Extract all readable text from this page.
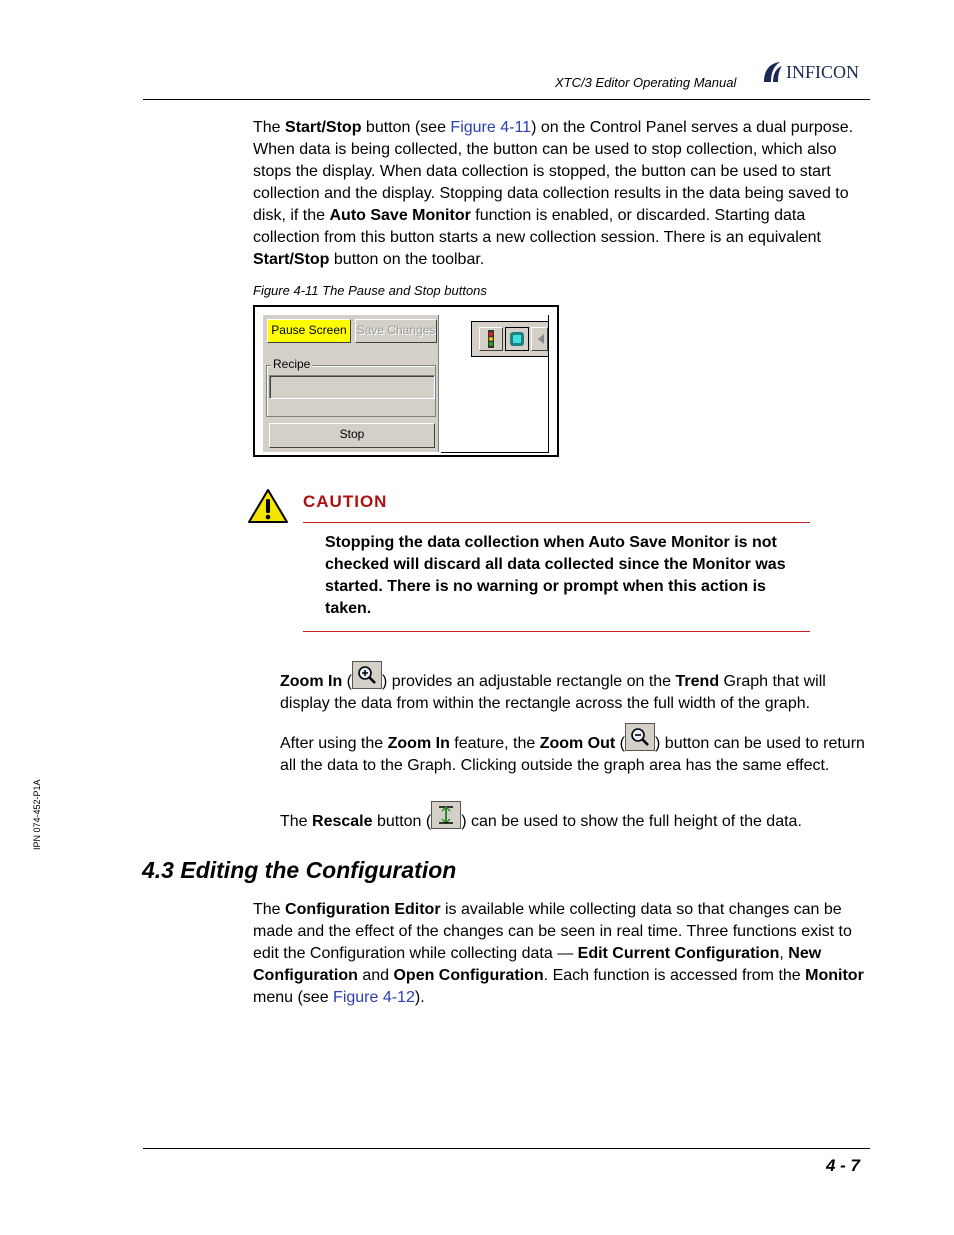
XTC/3 Editor Operating Manual
INFICON
The Start/Stop button (see Figure 4-11) on the Control Panel serves a dual purpose. When data is being collected, the button can be used to stop collection, which also stops the display. When data collection is stopped, the button can be used to start collection and the display. Stopping data collection results in the data being saved to disk, if the Auto Save Monitor function is enabled, or discarded. Starting data collection from this button starts a new collection session. There is an equivalent Start/Stop button on the toolbar.
Figure 4-11 The Pause and Stop buttons
Pause Screen Save Changes
Recipe
Stop
CAUTION
Stopping the data collection when Auto Save Monitor is not checked will discard all data collected since the Monitor was started. There is no warning or prompt when this action is taken.
Zoom In ( ) provides an adjustable rectangle on the Trend Graph that will display the data from within the rectangle across the full width of the graph.
After using the Zoom In feature, the Zoom Out ( ) button can be used to return all the data to the Graph. Clicking outside the graph area has the same effect.
The Rescale button ( ) can be used to show the full height of the data.
4.3 Editing the Configuration
The Configuration Editor is available while collecting data so that changes can be made and the effect of the changes can be seen in real time. Three functions exist to edit the Configuration while collecting data — Edit Current Configuration, New Configuration and Open Configuration. Each function is accessed from the Monitor menu (see Figure 4-12).
IPN 074-452-P1A
4 - 7
